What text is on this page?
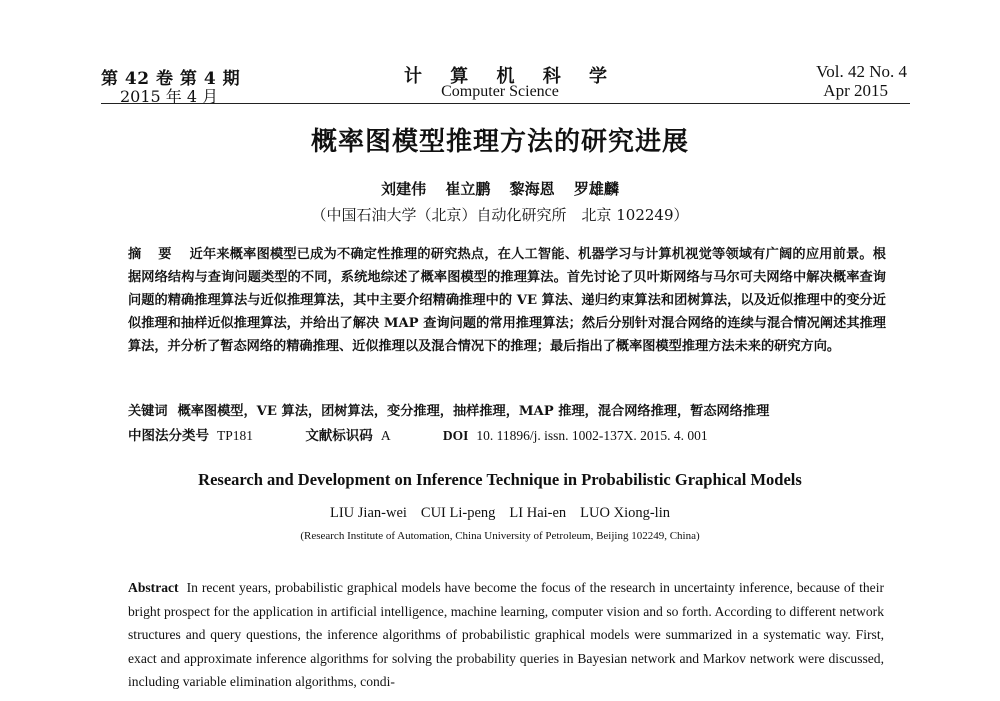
第 42 卷 第 4 期
2015 年 4 月
计 算 机 科 学
Computer Science
Vol. 42 No. 4
Apr 2015
概率图模型推理方法的研究进展
刘建伟 崔立鹏 黎海恩 罗雄麟
（中国石油大学（北京）自动化研究所　北京 102249）
摘 要 近年来概率图模型已成为不确定性推理的研究热点，在人工智能、机器学习与计算机视觉等领域有广阔的应用前景。根据网络结构与查询问题类型的不同，系统地综述了概率图模型的推理算法。首先讨论了贝叶斯网络与马尔可夫网络中解决概率查询问题的精确推理算法与近似推理算法，其中主要介绍精确推理中的 VE 算法、递归约束算法和团树算法，以及近似推理中的变分近似推理和抽样近似推理算法，并给出了解决 MAP 查询问题的常用推理算法；然后分别针对混合网络的连续与混合情况阐述其推理算法，并分析了暂态网络的精确推理、近似推理以及混合情况下的推理；最后指出了概率图模型推理方法未来的研究方向。
关键词 概率图模型，VE 算法，团树算法，变分推理，抽样推理，MAP 推理，混合网络推理，暂态网络推理
中图法分类号 TP181	文献标识码 A	DOI 10. 11896/j. issn. 1002-137X. 2015. 4. 001
Research and Development on Inference Technique in Probabilistic Graphical Models
LIU Jian-wei CUI Li-peng LI Hai-en LUO Xiong-lin
(Research Institute of Automation, China University of Petroleum, Beijing 102249, China)
Abstract In recent years, probabilistic graphical models have become the focus of the research in uncertainty inference, because of their bright prospect for the application in artificial intelligence, machine learning, computer vision and so forth. According to different network structures and query questions, the inference algorithms of probabilistic graphical models were summarized in a systematic way. First, exact and approximate inference algorithms for solving the probability queries in Bayesian network and Markov network were discussed, including variable elimination algorithms, condi-
